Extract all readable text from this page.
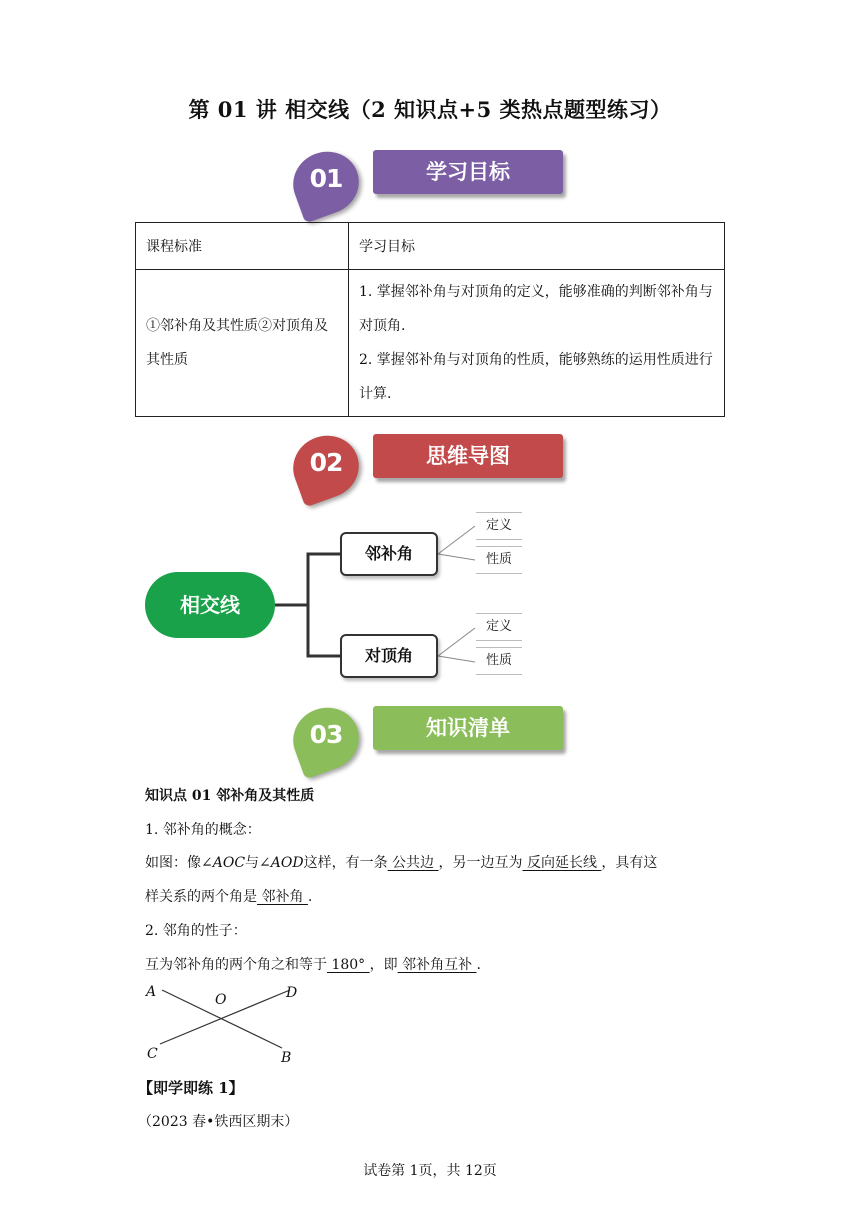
第 01 讲 相交线（2 知识点+5 类热点题型练习）
01	学习目标
课程标准	学习目标
①邻补角及其性质②对顶角及其性质	1. 掌握邻补角与对顶角的定义，能够准确的判断邻补角与对顶角.
2. 掌握邻补角与对顶角的性质，能够熟练的运用性质进行计算.
02	思维导图
相交线
邻补角
对顶角
定义
性质
定义
性质
03	知识清单
知识点 01 邻补角及其性质
1. 邻补角的概念：
如图：像∠AOC与∠AOD这样，有一条 公共边 ，另一边互为 反向延长线 ，具有这
样关系的两个角是 邻补角 .
2. 邻角的性子：
互为邻补角的两个角之和等于 180° ，即 邻补角互补 .
A	O	D
C	B
【即学即练 1】
（2023 春•铁西区期末）
试卷第 1页，共 12页
